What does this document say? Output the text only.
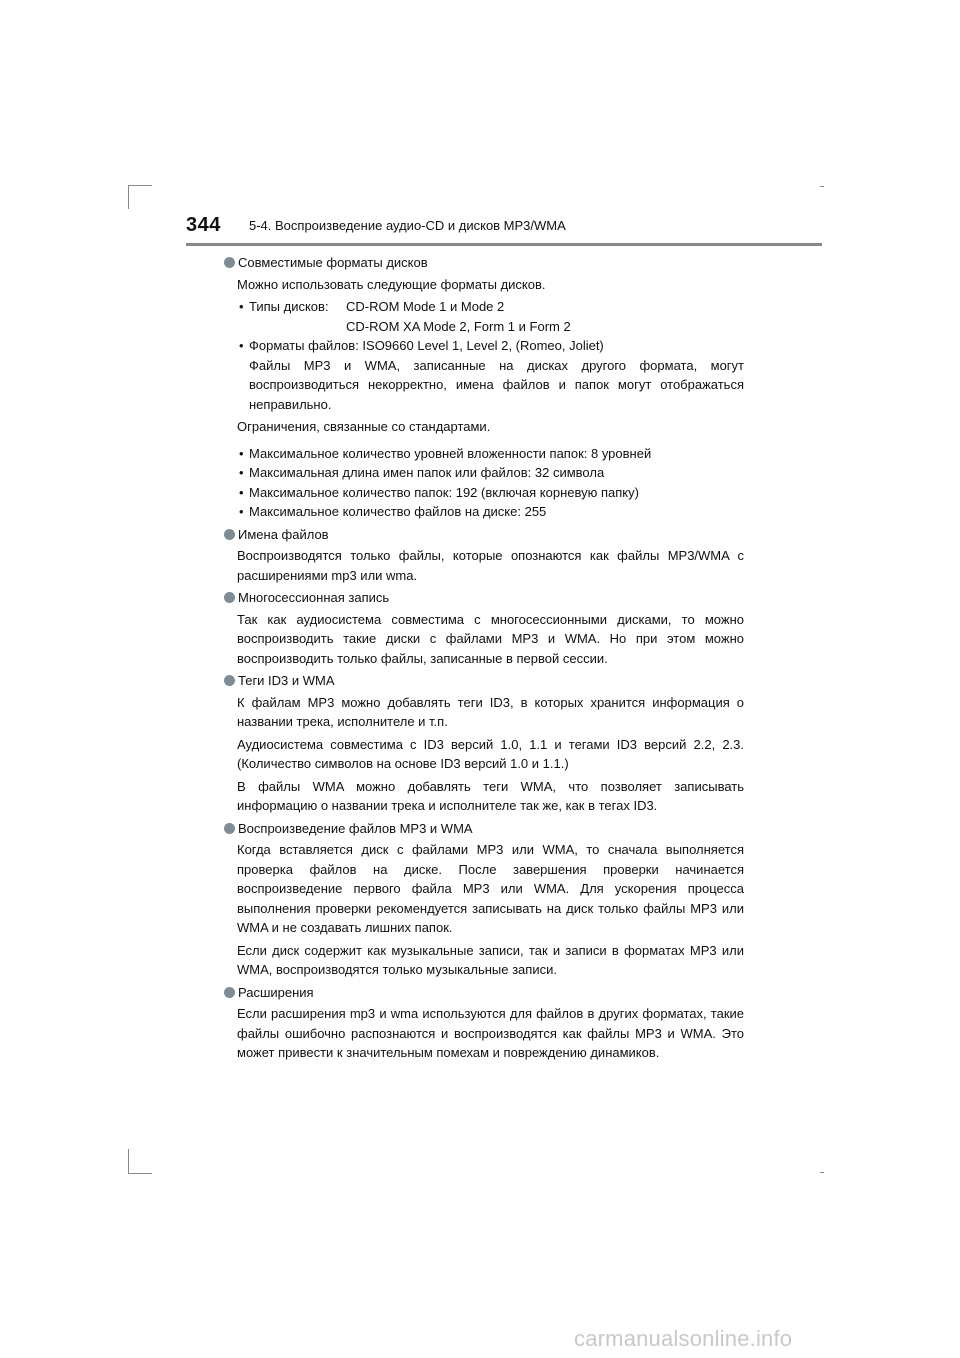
344 5-4. Воспроизведение аудио-CD и дисков MP3/WMA
Совместимые форматы дисков

Можно использовать следующие форматы дисков.

• Типы дисков:	CD-ROM Mode 1 и Mode 2
CD-ROM XA Mode 2, Form 1 и Form 2
• Форматы файлов: ISO9660 Level 1, Level 2, (Romeo, Joliet)

Файлы MP3 и WMA, записанные на дисках другого формата, могут воспроизводиться некорректно, имена файлов и папок могут отображаться неправильно.

Ограничения, связанные со стандартами.

• Максимальное количество уровней вложенности папок: 8 уровней
• Максимальная длина имен папок или файлов: 32 символа
• Максимальное количество папок: 192 (включая корневую папку)
• Максимальное количество файлов на диске: 255
Имена файлов

Воспроизводятся только файлы, которые опознаются как файлы MP3/WMA с расширениями mp3 или wma.

Многосессионная запись

Так как аудиосистема совместима с многосессионными дисками, то можно воспроизводить такие диски с файлами MP3 и WMA. Но при этом можно воспроизводить только файлы, записанные в первой сессии.

Теги ID3 и WMA

К файлам MP3 можно добавлять теги ID3, в которых хранится информация о названии трека, исполнителе и т.п.

Аудиосистема совместима с ID3 версий 1.0, 1.1 и тегами ID3 версий 2.2, 2.3. (Количество символов на основе ID3 версий 1.0 и 1.1.)

В файлы WMA можно добавлять теги WMA, что позволяет записывать информацию о названии трека и исполнителе так же, как в тегах ID3.

Воспроизведение файлов MP3 и WMA

Когда вставляется диск с файлами MP3 или WMA, то сначала выполняется проверка файлов на диске. После завершения проверки начинается воспроизведение первого файла MP3 или WMA. Для ускорения процесса выполнения проверки рекомендуется записывать на диск только файлы MP3 или WMA и не создавать лишних папок.

Если диск содержит как музыкальные записи, так и записи в форматах MP3 или WMA, воспроизводятся только музыкальные записи.

Расширения

Если расширения mp3 и wma используются для файлов в других форматах, такие файлы ошибочно распознаются и воспроизводятся как файлы MP3 и WMA. Это может привести к значительным помехам и повреждению динамиков.

carmanualsonline.info
